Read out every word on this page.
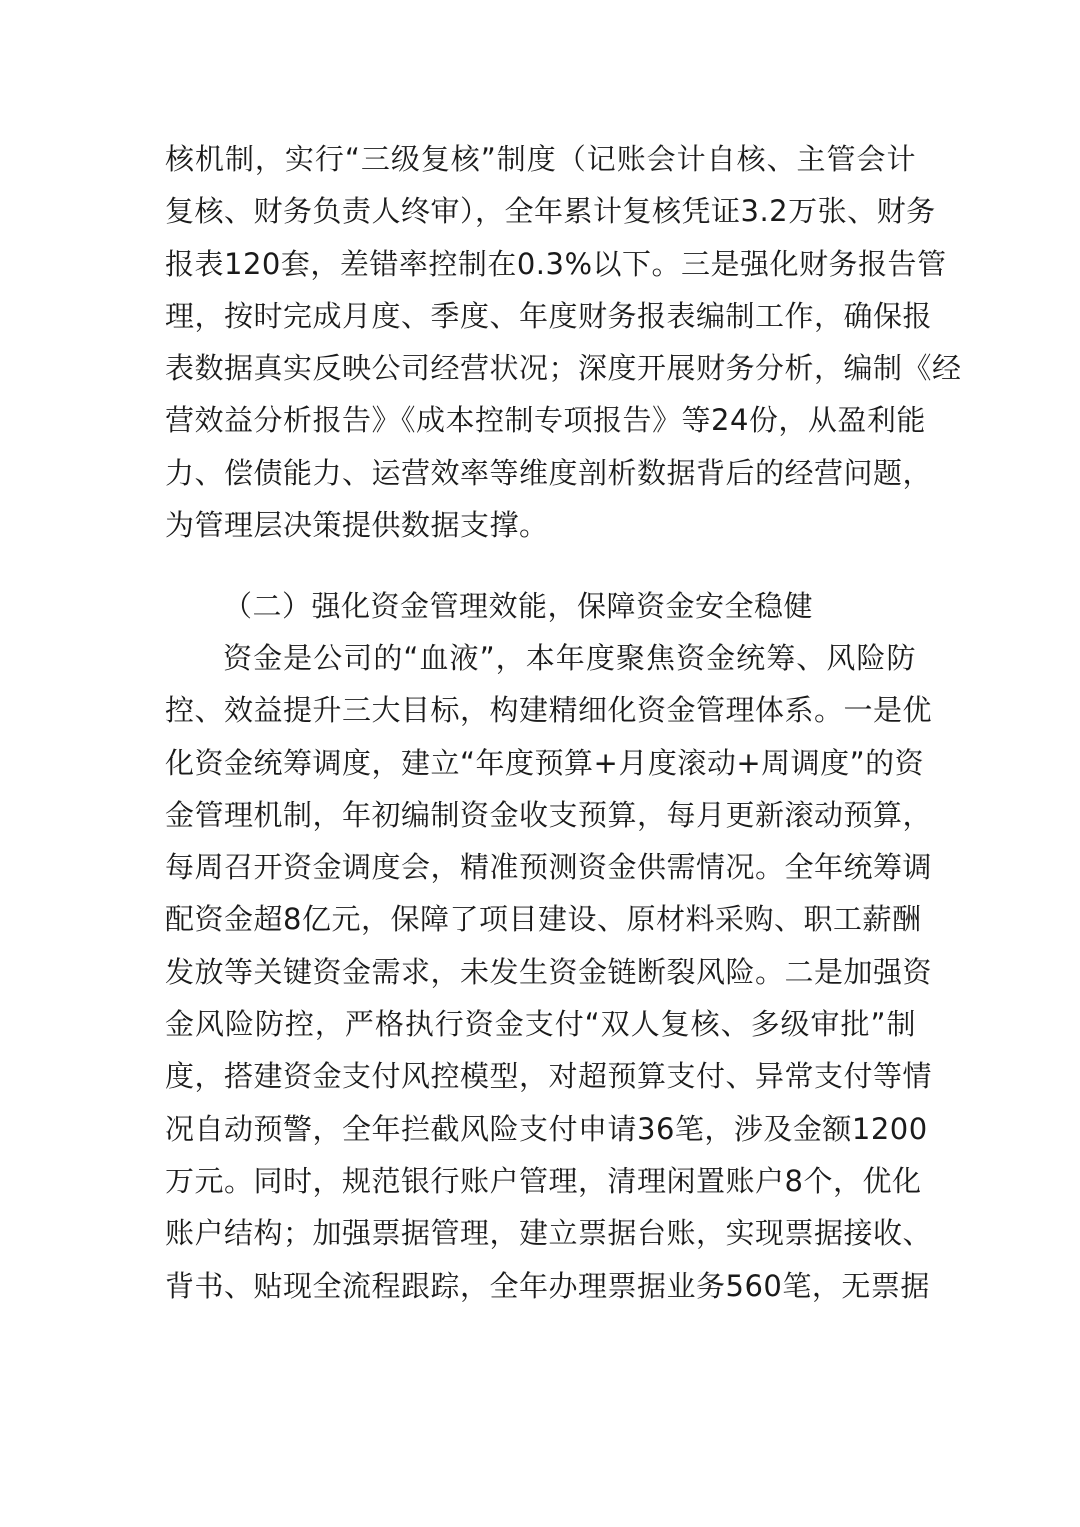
核机制，实行“三级复核”制度（记账会计自核、主管会计
复核、财务负责人终审），全年累计复核凭证3.2万张、财务
报表120套，差错率控制在0.3%以下。三是强化财务报告管
理，按时完成月度、季度、年度财务报表编制工作，确保报
表数据真实反映公司经营状况；深度开展财务分析，编制《经
营效益分析报告》《成本控制专项报告》等24份，从盈利能
力、偿债能力、运营效率等维度剖析数据背后的经营问题，
为管理层决策提供数据支撑。
（二）强化资金管理效能，保障资金安全稳健
资金是公司的“血液”，本年度聚焦资金统筹、风险防
控、效益提升三大目标，构建精细化资金管理体系。一是优
化资金统筹调度，建立“年度预算+月度滚动+周调度”的资
金管理机制，年初编制资金收支预算，每月更新滚动预算，
每周召开资金调度会，精准预测资金供需情况。全年统筹调
配资金超8亿元，保障了项目建设、原材料采购、职工薪酬
发放等关键资金需求，未发生资金链断裂风险。二是加强资
金风险防控，严格执行资金支付“双人复核、多级审批”制
度，搭建资金支付风控模型，对超预算支付、异常支付等情
况自动预警，全年拦截风险支付申请36笔，涉及金额1200
万元。同时，规范银行账户管理，清理闲置账户8个，优化
账户结构；加强票据管理，建立票据台账，实现票据接收、
背书、贴现全流程跟踪，全年办理票据业务560笔，无票据
